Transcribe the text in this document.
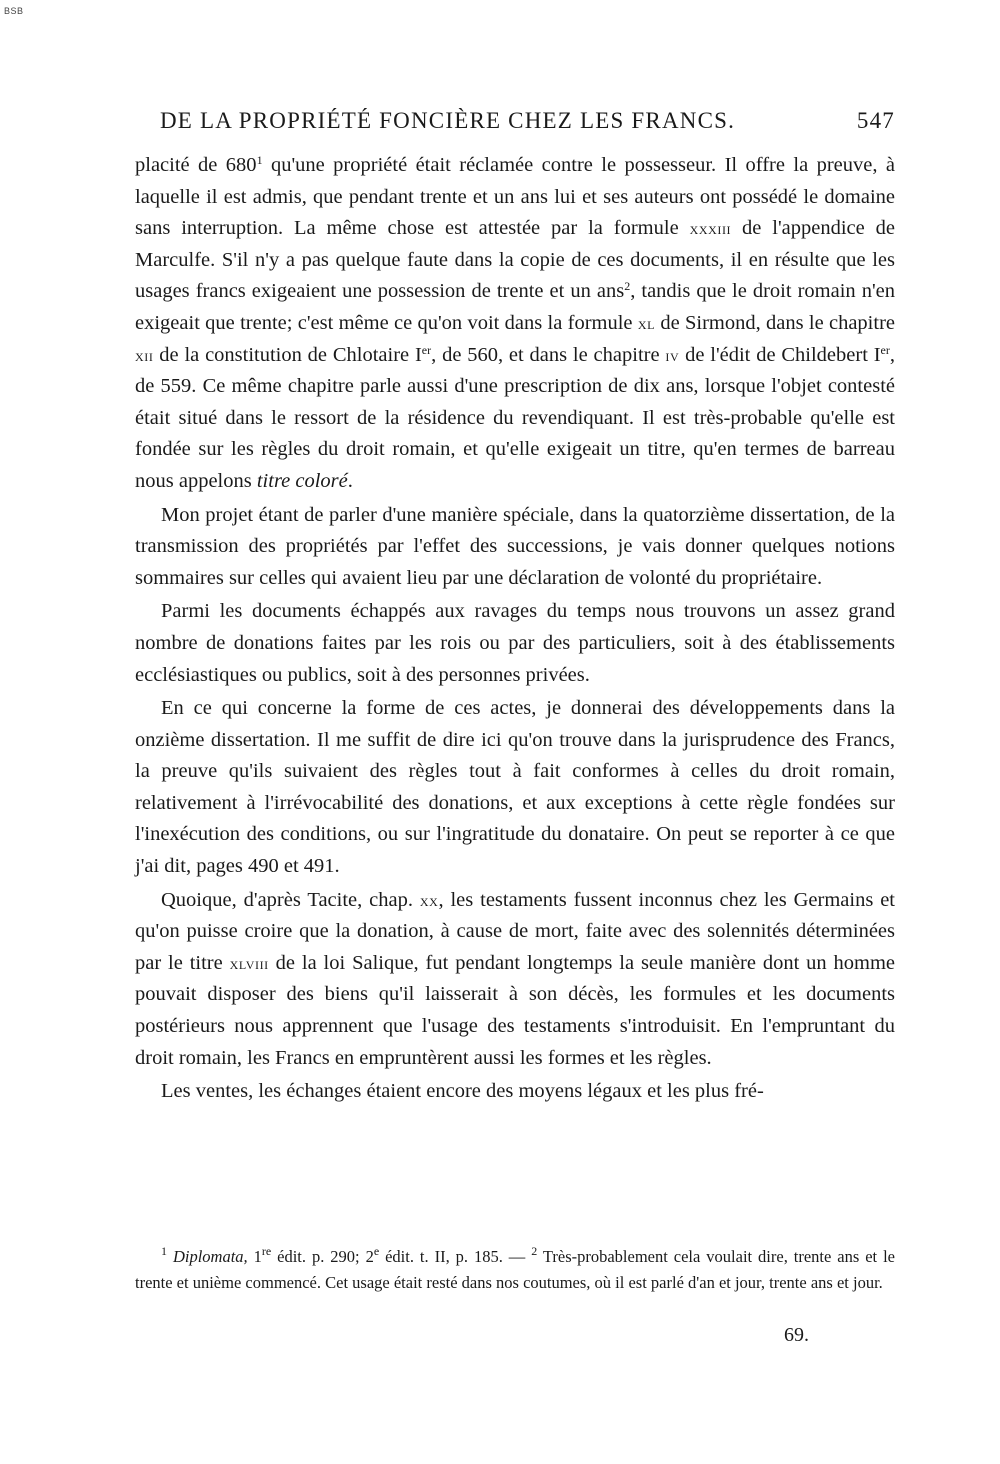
BSB
DE LA PROPRIÉTÉ FONCIÈRE CHEZ LES FRANCS.	547

placité de $680^1$ qu'une propriété était réclamée contre le possesseur. Il offre la preuve, à laquelle il est admis, que pendant trente et un ans lui et ses auteurs ont possédé le domaine sans interruption. La même chose est attestée par la formule xxxiii de l'appendice de Marculfe. S'il n'y a pas quelque faute dans la copie de ces documents, il en résulte que les usages francs exigeaient une possession de trente et un ans$^2$, tandis que le droit romain n'en exigeait que trente; c'est même ce qu'on voit dans la formule xl de Sirmond, dans le chapitre xii de la constitution de Chlotaire Ier, de 560, et dans le chapitre iv de l'édit de Childebert Ier, de 559. Ce même chapitre parle aussi d'une prescription de dix ans, lorsque l'objet contesté était situé dans le ressort de la résidence du revendiquant. Il est très-probable qu'elle est fondée sur les règles du droit romain, et qu'elle exigeait un titre, qu'en termes de barreau nous appelons titre coloré.

Mon projet étant de parler d'une manière spéciale, dans la quatorzième dissertation, de la transmission des propriétés par l'effet des successions, je vais donner quelques notions sommaires sur celles qui avaient lieu par une déclaration de volonté du propriétaire.

Parmi les documents échappés aux ravages du temps nous trouvons un assez grand nombre de donations faites par les rois ou par des particuliers, soit à des établissements ecclésiastiques ou publics, soit à des personnes privées.

En ce qui concerne la forme de ces actes, je donnerai des développements dans la onzième dissertation. Il me suffit de dire ici qu'on trouve dans la jurisprudence des Francs, la preuve qu'ils suivaient des règles tout à fait conformes à celles du droit romain, relativement à l'irrévocabilité des donations, et aux exceptions à cette règle fondées sur l'inexécution des conditions, ou sur l'ingratitude du donataire. On peut se reporter à ce que j'ai dit, pages 490 et 491.

Quoique, d'après Tacite, chap. xx, les testaments fussent inconnus chez les Germains et qu'on puisse croire que la donation, à cause de mort, faite avec des solennités déterminées par le titre xlviii de la loi Salique, fut pendant longtemps la seule manière dont un homme pouvait disposer des biens qu'il laisserait à son décès, les formules et les documents postérieurs nous apprennent que l'usage des testaments s'introduisit. En l'empruntant du droit romain, les Francs en empruntèrent aussi les formes et les règles.

Les ventes, les échanges étaient encore des moyens légaux et les plus fré-

$^1$ Diplomata, 1re édit. p. 290; 2e édit. t. II, p. 185. — $^2$ Très-probablement cela voulait dire, trente ans et le trente et unième commencé. Cet usage était resté dans nos coutumes, où il est parlé d'an et jour, trente ans et jour.

69.
